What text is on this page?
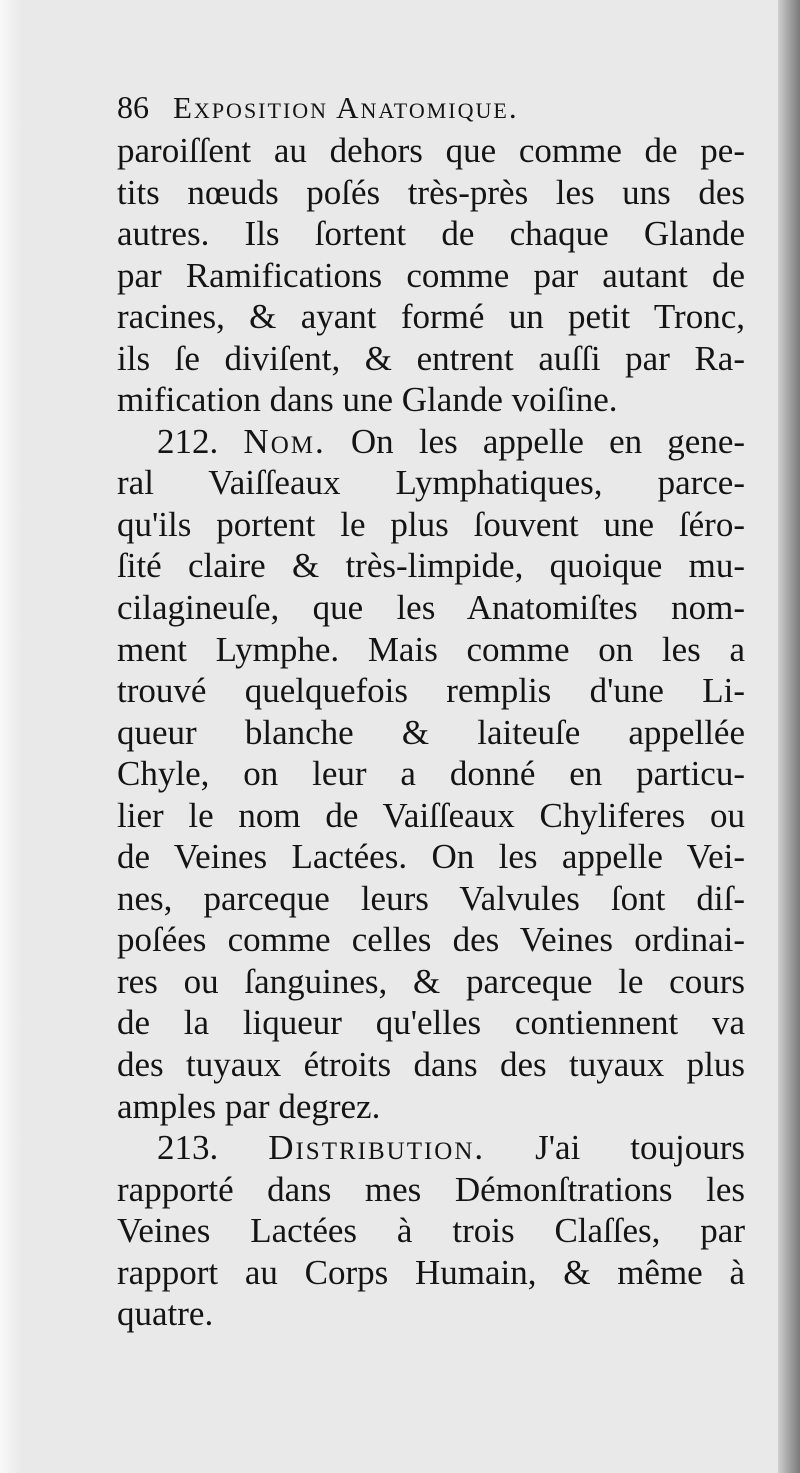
86 Exposition Anatomique.
paroiſſent au dehors que comme de pe-
tits nœuds poſés très-près les uns des
autres. Ils ſortent de chaque Glande
par Ramifications comme par autant de
racines, & ayant formé un petit Tronc,
ils ſe diviſent, & entrent auſſi par Ra-
mification dans une Glande voiſine.
212. Nom. On les appelle en gene-
ral Vaiſſeaux Lymphatiques, parce-
qu'ils portent le plus ſouvent une ſéro-
ſité claire & très-limpide, quoique mu-
cilagineuſe, que les Anatomiſtes nom-
ment Lymphe. Mais comme on les a
trouvé quelquefois remplis d'une Li-
queur blanche & laiteuſe appellée
Chyle, on leur a donné en particu-
lier le nom de Vaiſſeaux Chyliferes ou
de Veines Lactées. On les appelle Vei-
nes, parceque leurs Valvules ſont diſ-
poſées comme celles des Veines ordinai-
res ou ſanguines, & parceque le cours
de la liqueur qu'elles contiennent va
des tuyaux étroits dans des tuyaux plus
amples par degrez.
213. Distribution. J'ai toujours
rapporté dans mes Démonſtrations les
Veines Lactées à trois Claſſes, par
rapport au Corps Humain, & même à
quatre.
